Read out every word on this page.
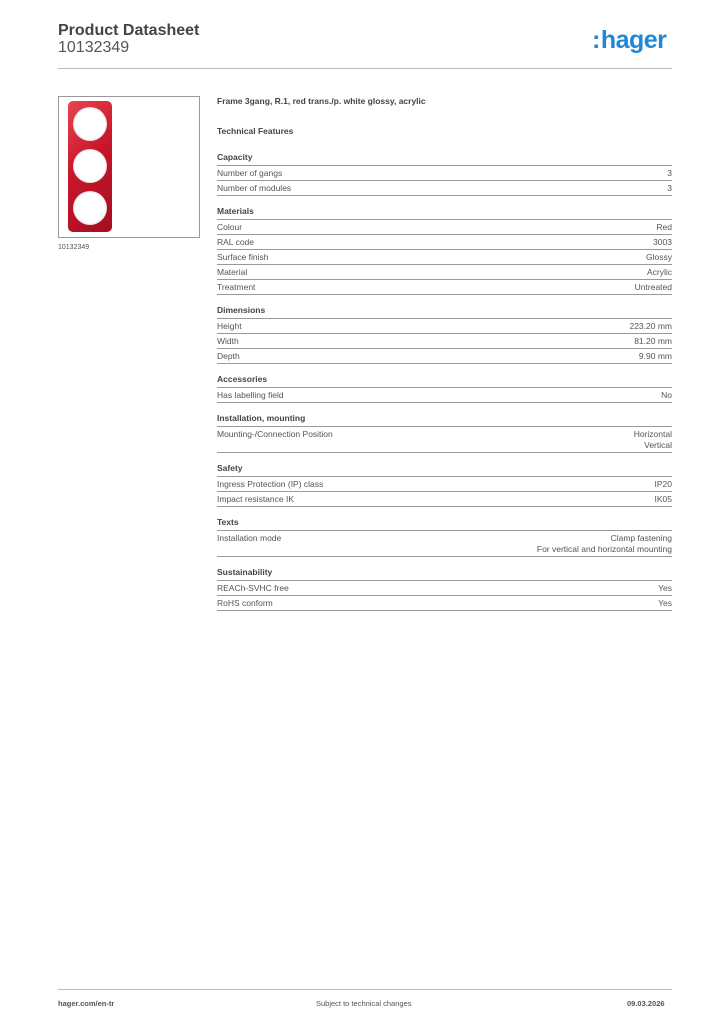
Product Datasheet
10132349	:hager
10132349
Frame 3gang, R.1, red trans./p. white glossy, acrylic
Technical Features
Capacity
Number of gangs	3
Number of modules	3
Materials
Colour	Red
RAL code	3003
Surface finish	Glossy
Material	Acrylic
Treatment	Untreated
Dimensions
Height	223.20 mm
Width	81.20 mm
Depth	9.90 mm
Accessories
Has labelling field	No
Installation, mounting
Mounting-/Connection Position	Horizontal
Vertical
Safety
Ingress Protection (IP) class	IP20
Impact resistance IK	IK05
Texts
Installation mode	Clamp fastening
For vertical and horizontal mounting
Sustainability
REACh-SVHC free	Yes
RoHS conform	Yes
hager.com/en-tr	Subject to technical changes	09.03.2026
